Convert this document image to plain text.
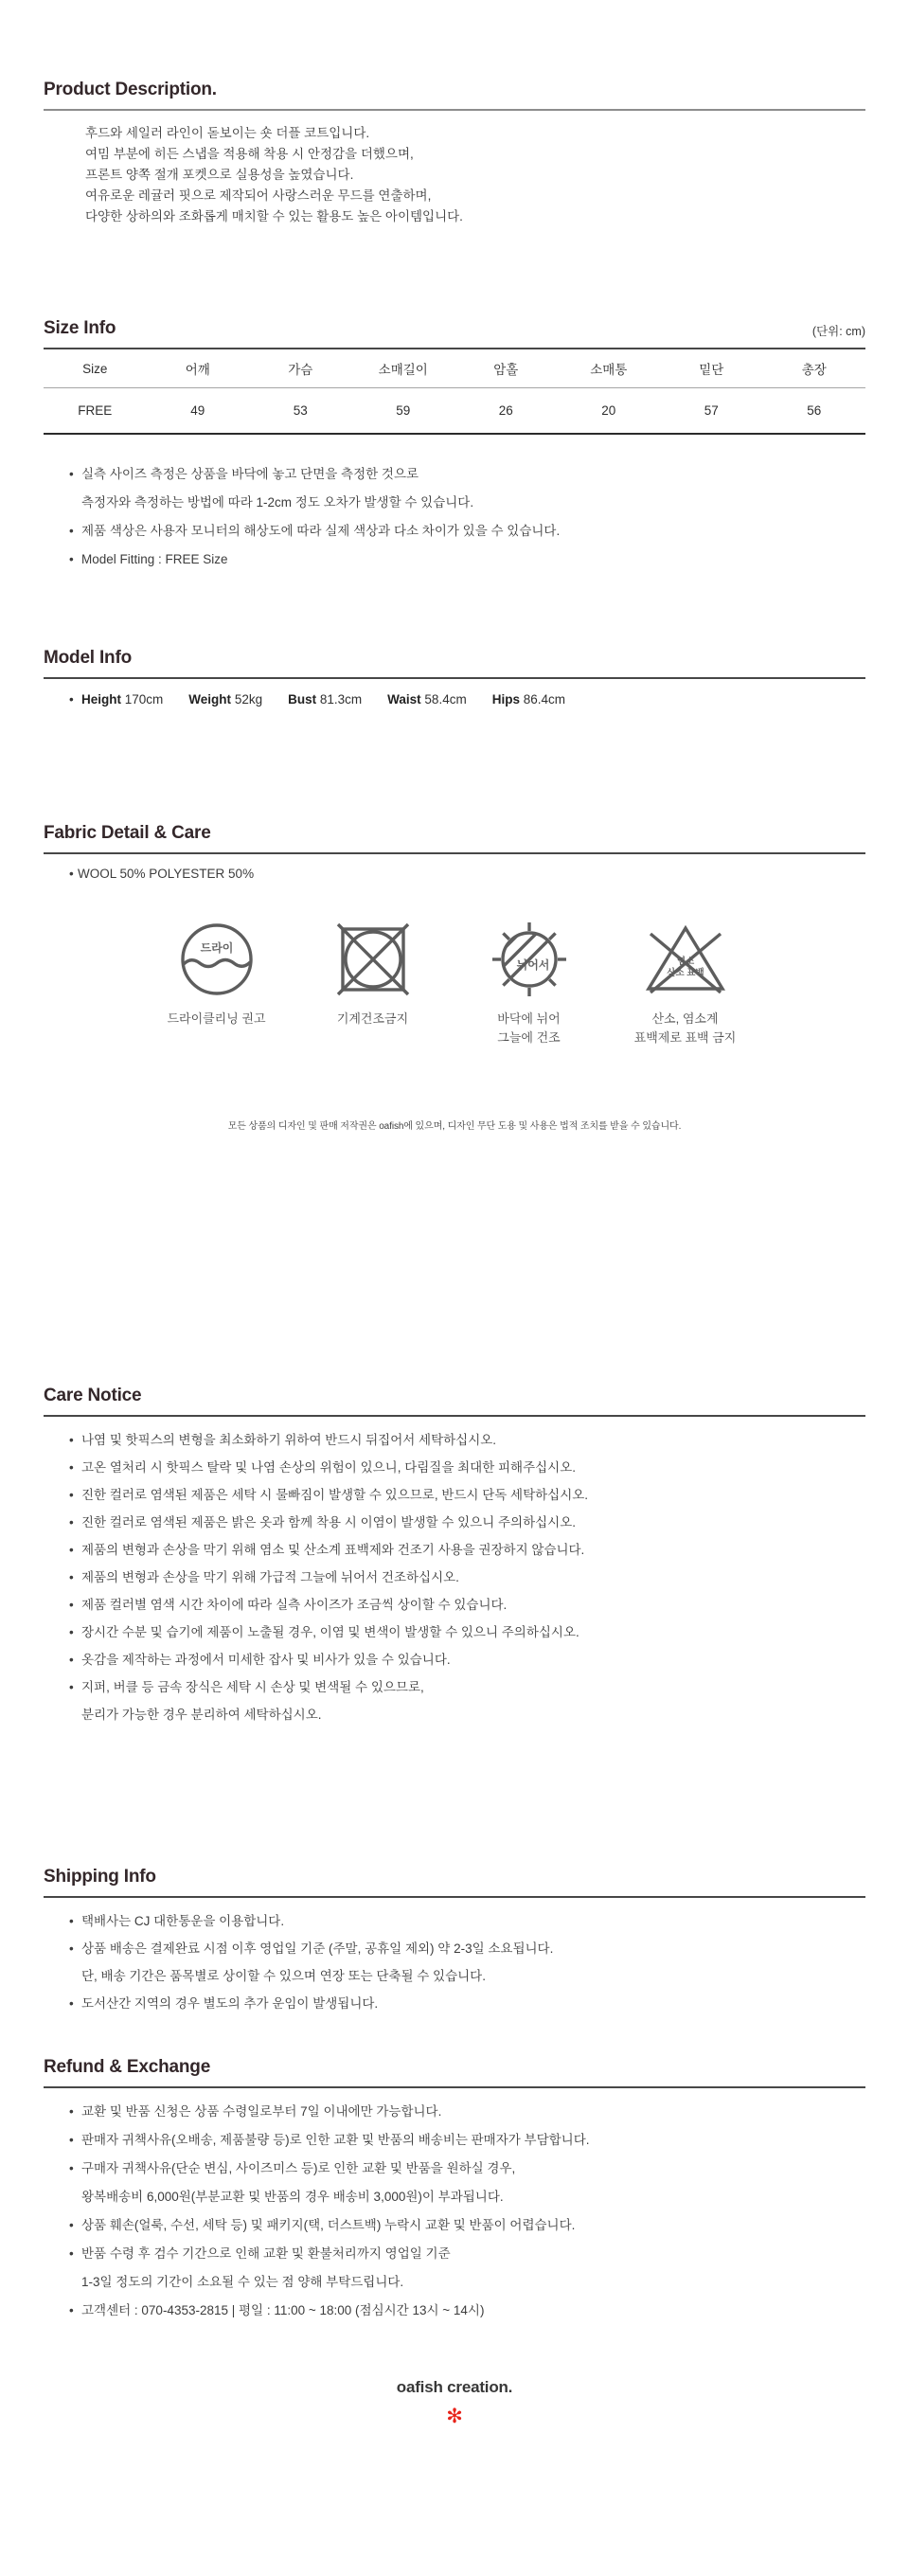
Product Description.

후드와 세일러 라인이 돋보이는 숏 더플 코트입니다.

여밈 부분에 히든 스냅을 적용해 착용 시 안정감을 더했으며,

프론트 양쪽 절개 포켓으로 실용성을 높였습니다.

여유로운 레귤러 핏으로 제작되어 사랑스러운 무드를 연출하며,

다양한 상하의와 조화롭게 매치할 수 있는 활용도 높은 아이템입니다.

Size Info	(단위: cm)
Size	어깨	가슴	소매길이	암홀	소매통	밑단	총장
FREE	49	53	59	26	20	57	56
• 실측 사이즈 측정은 상품을 바닥에 놓고 단면을 측정한 것으로
측정자와 측정하는 방법에 따라 1-2cm 정도 오차가 발생할 수 있습니다.
• 제품 색상은 사용자 모니터의 해상도에 따라 실제 색상과 다소 차이가 있을 수 있습니다.
• Model Fitting : FREE Size
Model Info
• Height 170cm Weight 52kg Bust 81.3cm Waist 58.4cm Hips 86.4cm
Fabric Detail & Care
• WOOL 50% POLYESTER 50%
드라이
드라이클리닝 권고	기계건조금지
뉘어서
바닥에 뉘어
그늘에 건조
염소
산소 표백
산소, 염소계
표백제로 표백 금지
모든 상품의 디자인 및 판매 저작권은 oafish에 있으며, 디자인 무단 도용 및 사용은 법적 조치를 받을 수 있습니다.
Care Notice
• 나염 및 핫픽스의 변형을 최소화하기 위하여 반드시 뒤집어서 세탁하십시오.
• 고온 열처리 시 핫픽스 탈락 및 나염 손상의 위험이 있으니, 다림질을 최대한 피해주십시오.
• 진한 컬러로 염색된 제품은 세탁 시 물빠짐이 발생할 수 있으므로, 반드시 단독 세탁하십시오.
• 진한 컬러로 염색된 제품은 밝은 옷과 함께 착용 시 이염이 발생할 수 있으니 주의하십시오.
• 제품의 변형과 손상을 막기 위해 염소 및 산소계 표백제와 건조기 사용을 권장하지 않습니다.
• 제품의 변형과 손상을 막기 위해 가급적 그늘에 뉘어서 건조하십시오.
• 제품 컬러별 염색 시간 차이에 따라 실측 사이즈가 조금씩 상이할 수 있습니다.
• 장시간 수분 및 습기에 제품이 노출될 경우, 이염 및 변색이 발생할 수 있으니 주의하십시오.
• 옷감을 제작하는 과정에서 미세한 잡사 및 비사가 있을 수 있습니다.
• 지퍼, 버클 등 금속 장식은 세탁 시 손상 및 변색될 수 있으므로,
분리가 가능한 경우 분리하여 세탁하십시오.
Shipping Info
• 택배사는 CJ 대한통운을 이용합니다.
• 상품 배송은 결제완료 시점 이후 영업일 기준 (주말, 공휴일 제외) 약 2-3일 소요됩니다.
단, 배송 기간은 품목별로 상이할 수 있으며 연장 또는 단축될 수 있습니다.
• 도서산간 지역의 경우 별도의 추가 운임이 발생됩니다.
Refund & Exchange
• 교환 및 반품 신청은 상품 수령일로부터 7일 이내에만 가능합니다.
• 판매자 귀책사유(오배송, 제품불량 등)로 인한 교환 및 반품의 배송비는 판매자가 부담합니다.
• 구매자 귀책사유(단순 변심, 사이즈미스 등)로 인한 교환 및 반품을 원하실 경우,
왕복배송비 6,000원(부분교환 및 반품의 경우 배송비 3,000원)이 부과됩니다.
• 상품 훼손(얼룩, 수선, 세탁 등) 및 패키지(택, 더스트백) 누락시 교환 및 반품이 어렵습니다.
• 반품 수령 후 검수 기간으로 인해 교환 및 환불처리까지 영업일 기준
1-3일 정도의 기간이 소요될 수 있는 점 양해 부탁드립니다.
• 고객센터 : 070-4353-2815 | 평일 : 11:00 ~ 18:00 (점심시간 13시 ~ 14시)
oafish creation.
✻
